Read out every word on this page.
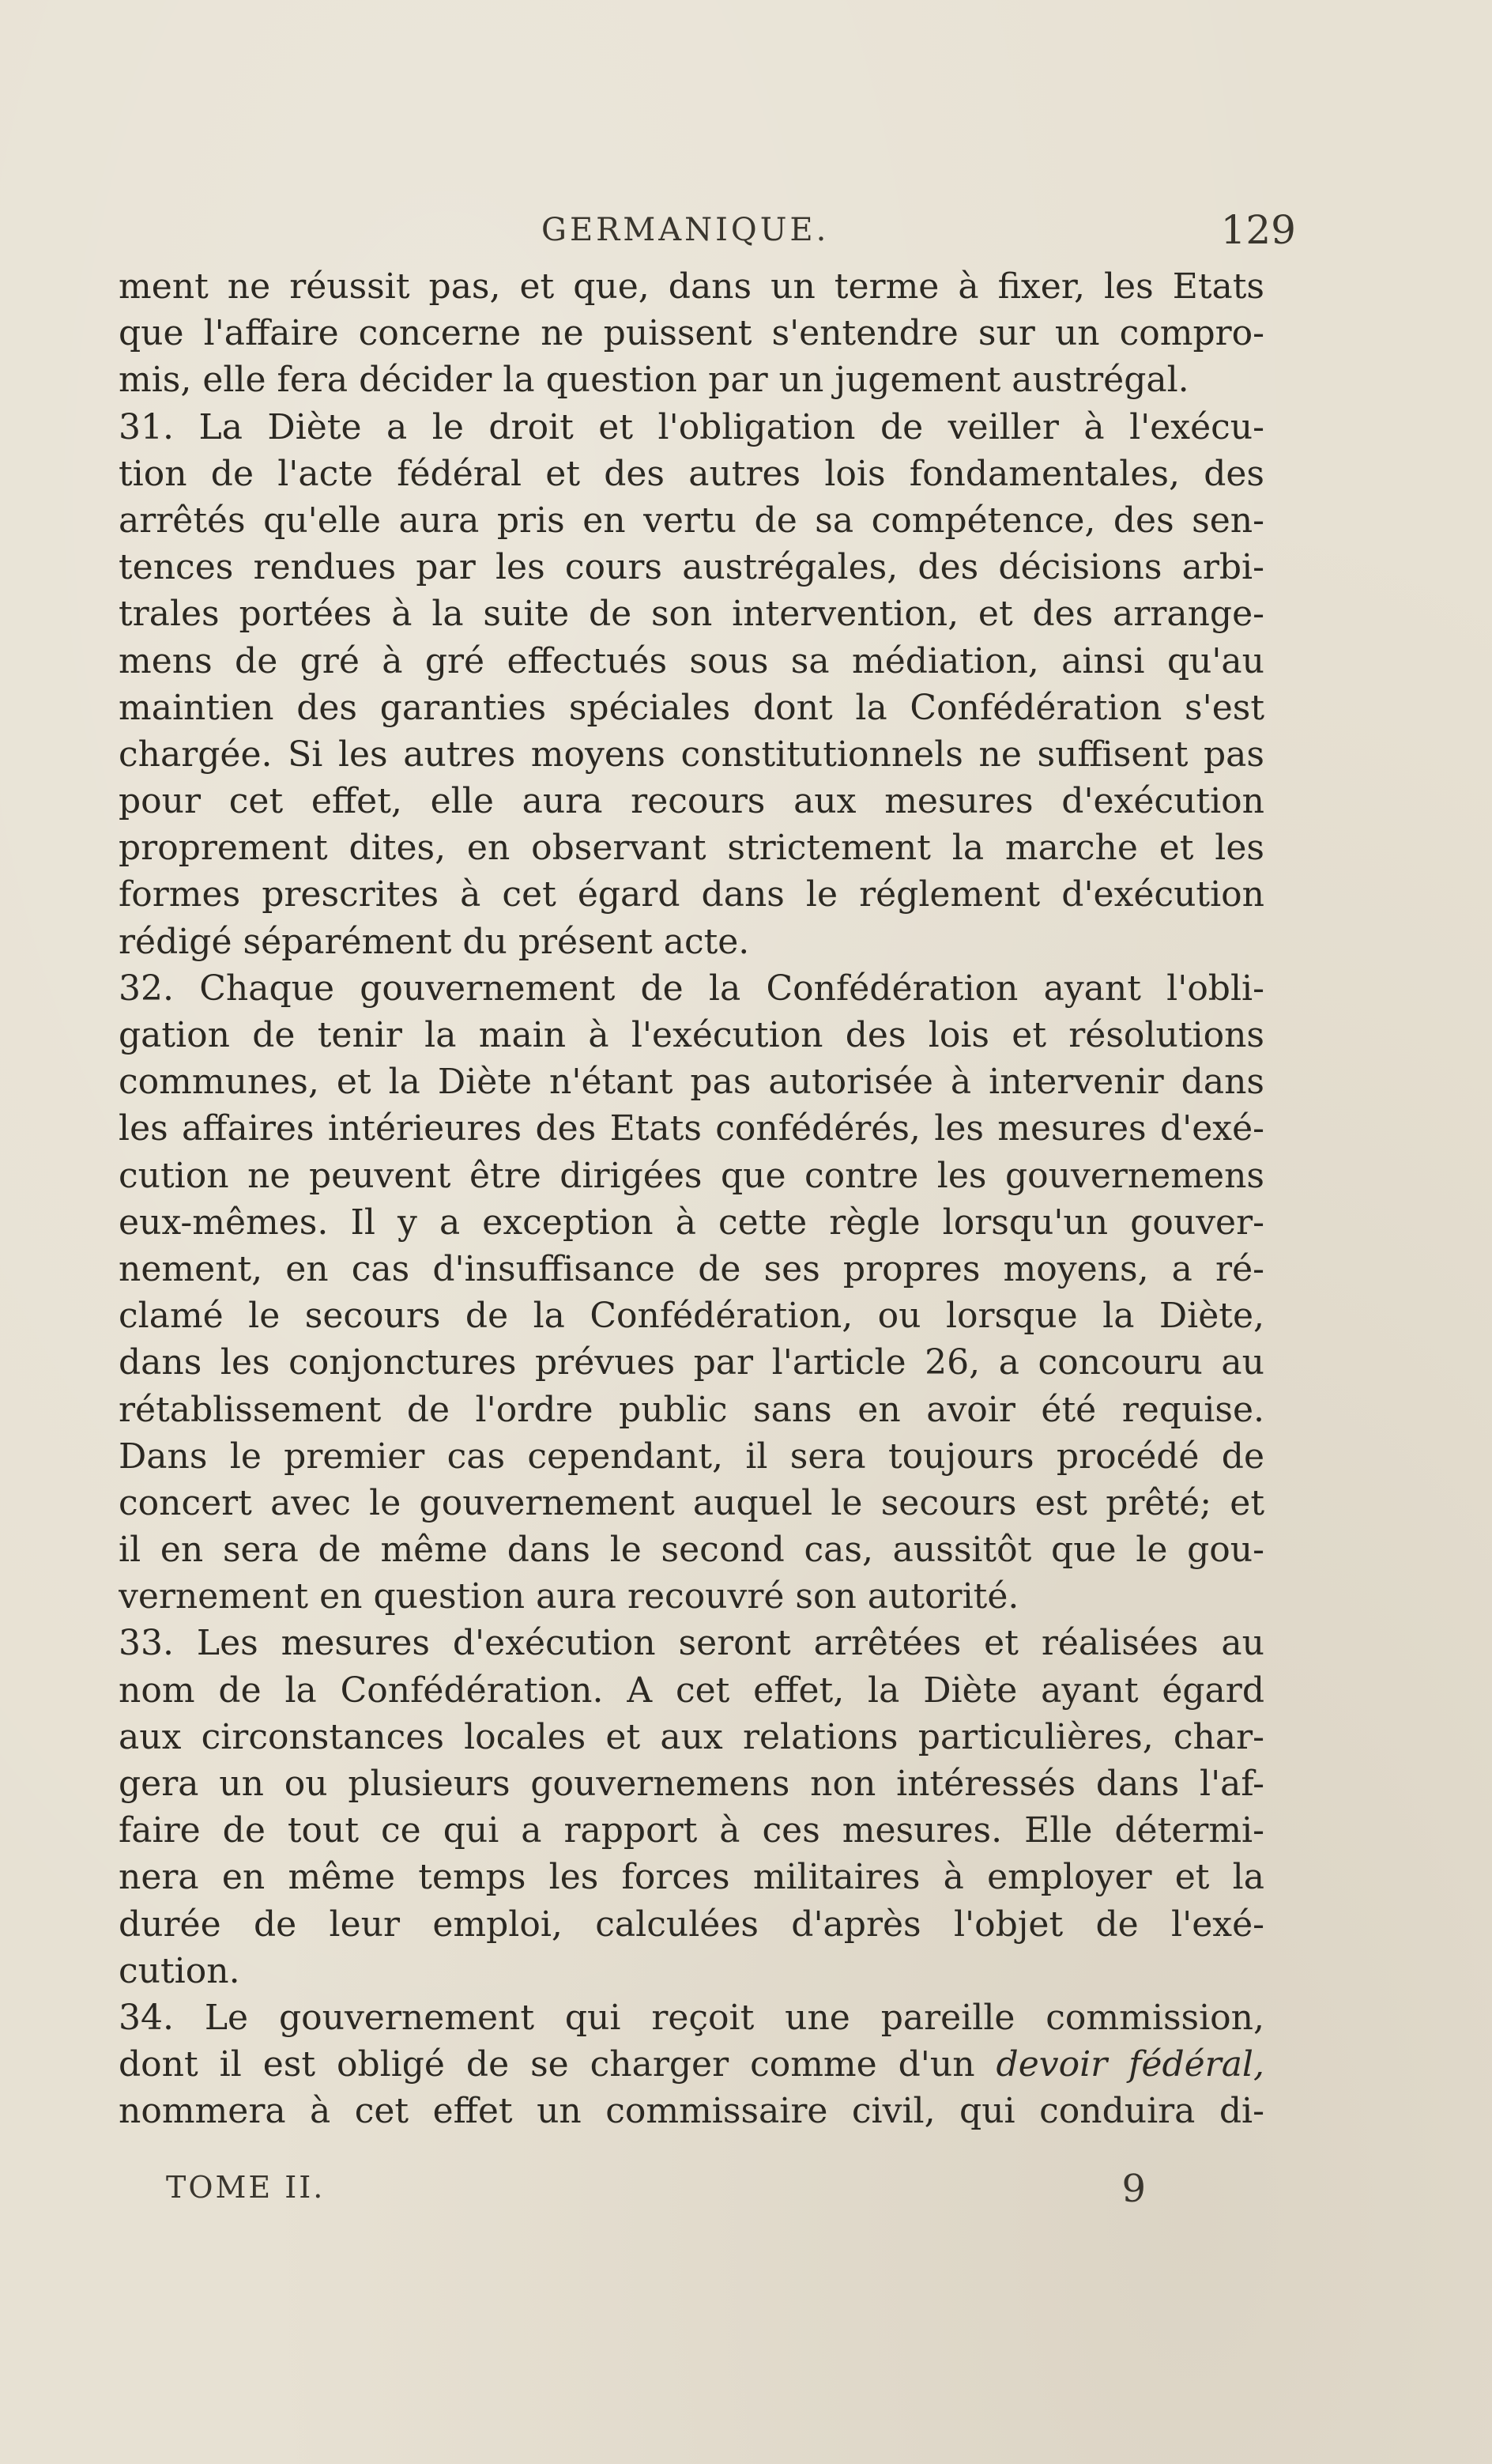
GERMANIQUE.	129
ment ne réussit pas, et que, dans un terme à fixer, les Etats
que l'affaire concerne ne puissent s'entendre sur un compro-
mis, elle fera décider la question par un jugement austrégal.
31. La Diète a le droit et l'obligation de veiller à l'exécu-
tion de l'acte fédéral et des autres lois fondamentales, des
arrêtés qu'elle aura pris en vertu de sa compétence, des sen-
tences rendues par les cours austrégales, des décisions arbi-
trales portées à la suite de son intervention, et des arrange-
mens de gré à gré effectués sous sa médiation, ainsi qu'au
maintien des garanties spéciales dont la Confédération s'est
chargée. Si les autres moyens constitutionnels ne suffisent pas
pour cet effet, elle aura recours aux mesures d'exécution
proprement dites, en observant strictement la marche et les
formes prescrites à cet égard dans le réglement d'exécution
rédigé séparément du présent acte.
32. Chaque gouvernement de la Confédération ayant l'obli-
gation de tenir la main à l'exécution des lois et résolutions
communes, et la Diète n'étant pas autorisée à intervenir dans
les affaires intérieures des Etats confédérés, les mesures d'exé-
cution ne peuvent être dirigées que contre les gouvernemens
eux-mêmes. Il y a exception à cette règle lorsqu'un gouver-
nement, en cas d'insuffisance de ses propres moyens, a ré-
clamé le secours de la Confédération, ou lorsque la Diète,
dans les conjonctures prévues par l'article 26, a concouru au
rétablissement de l'ordre public sans en avoir été requise.
Dans le premier cas cependant, il sera toujours procédé de
concert avec le gouvernement auquel le secours est prêté; et
il en sera de même dans le second cas, aussitôt que le gou-
vernement en question aura recouvré son autorité.
33. Les mesures d'exécution seront arrêtées et réalisées au
nom de la Confédération. A cet effet, la Diète ayant égard
aux circonstances locales et aux relations particulières, char-
gera un ou plusieurs gouvernemens non intéressés dans l'af-
faire de tout ce qui a rapport à ces mesures. Elle détermi-
nera en même temps les forces militaires à employer et la
durée de leur emploi, calculées d'après l'objet de l'exé-
cution.
34. Le gouvernement qui reçoit une pareille commission,
dont il est obligé de se charger comme d'un devoir fédéral,
nommera à cet effet un commissaire civil, qui conduira di-
TOME II.	9
